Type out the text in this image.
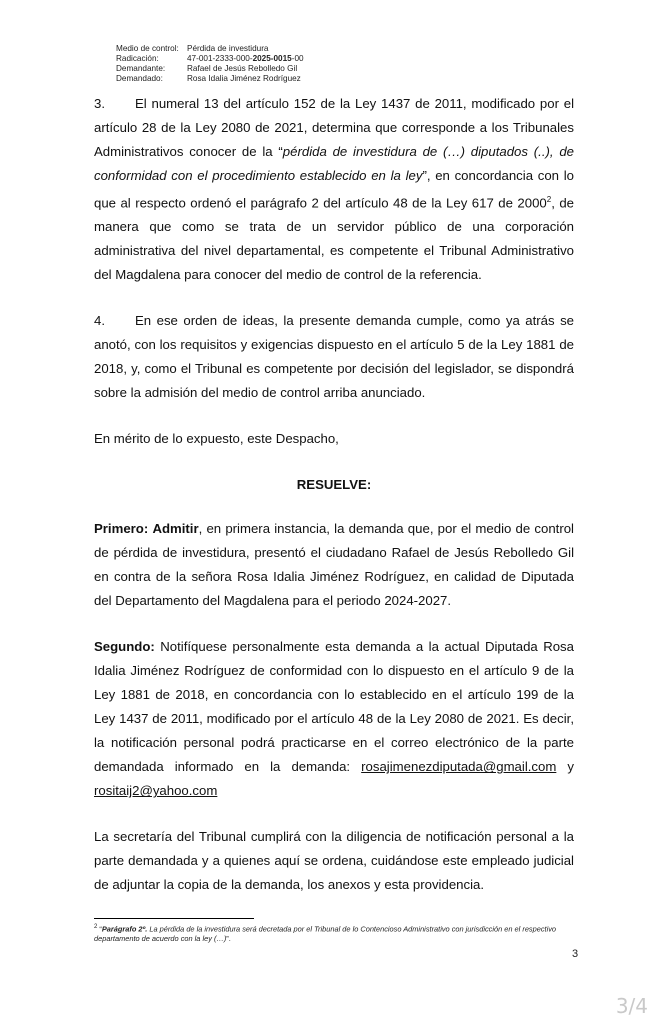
Medio de control: Pérdida de investidura
Radicación:	47-001-2333-000-2025-0015-00
Demandante:	Rafael de Jesús Rebolledo Gil
Demandado:	Rosa Idalia Jiménez Rodríguez

3. El numeral 13 del artículo 152 de la Ley 1437 de 2011, modificado por el artículo 28 de la Ley 2080 de 2021, determina que corresponde a los Tribunales Administrativos conocer de la “pérdida de investidura de (…) diputados (..), de conformidad con el procedimiento establecido en la ley”, en concordancia con lo que al respecto ordenó el parágrafo 2 del artículo 48 de la Ley 617 de 2000$^2$, de manera que como se trata de un servidor público de una corporación administrativa del nivel departamental, es competente el Tribunal Administrativo del Magdalena para conocer del medio de control de la referencia.

4. En ese orden de ideas, la presente demanda cumple, como ya atrás se anotó, con los requisitos y exigencias dispuesto en el artículo 5 de la Ley 1881 de 2018, y, como el Tribunal es competente por decisión del legislador, se dispondrá sobre la admisión del medio de control arriba anunciado.

En mérito de lo expuesto, este Despacho,

RESUELVE:

Primero: Admitir, en primera instancia, la demanda que, por el medio de control de pérdida de investidura, presentó el ciudadano Rafael de Jesús Rebolledo Gil en contra de la señora Rosa Idalia Jiménez Rodríguez, en calidad de Diputada del Departamento del Magdalena para el periodo 2024-2027.

Segundo: Notifíquese personalmente esta demanda a la actual Diputada Rosa Idalia Jiménez Rodríguez de conformidad con lo dispuesto en el artículo 9 de la Ley 1881 de 2018, en concordancia con lo establecido en el artículo 199 de la Ley 1437 de 2011, modificado por el artículo 48 de la Ley 2080 de 2021. Es decir, la notificación personal podrá practicarse en el correo electrónico de la parte demandada informado en la demanda: rosajimenezdiputada@gmail.com y rositaij2@yahoo.com

La secretaría del Tribunal cumplirá con la diligencia de notificación personal a la parte demandada y a quienes aquí se ordena, cuidándose este empleado judicial de adjuntar la copia de la demanda, los anexos y esta providencia.

$^2$ “Parágrafo 2º. La pérdida de la investidura será decretada por el Tribunal de lo Contencioso Administrativo con jurisdicción en el respectivo departamento de acuerdo con la ley (…)”.
3
3/4
